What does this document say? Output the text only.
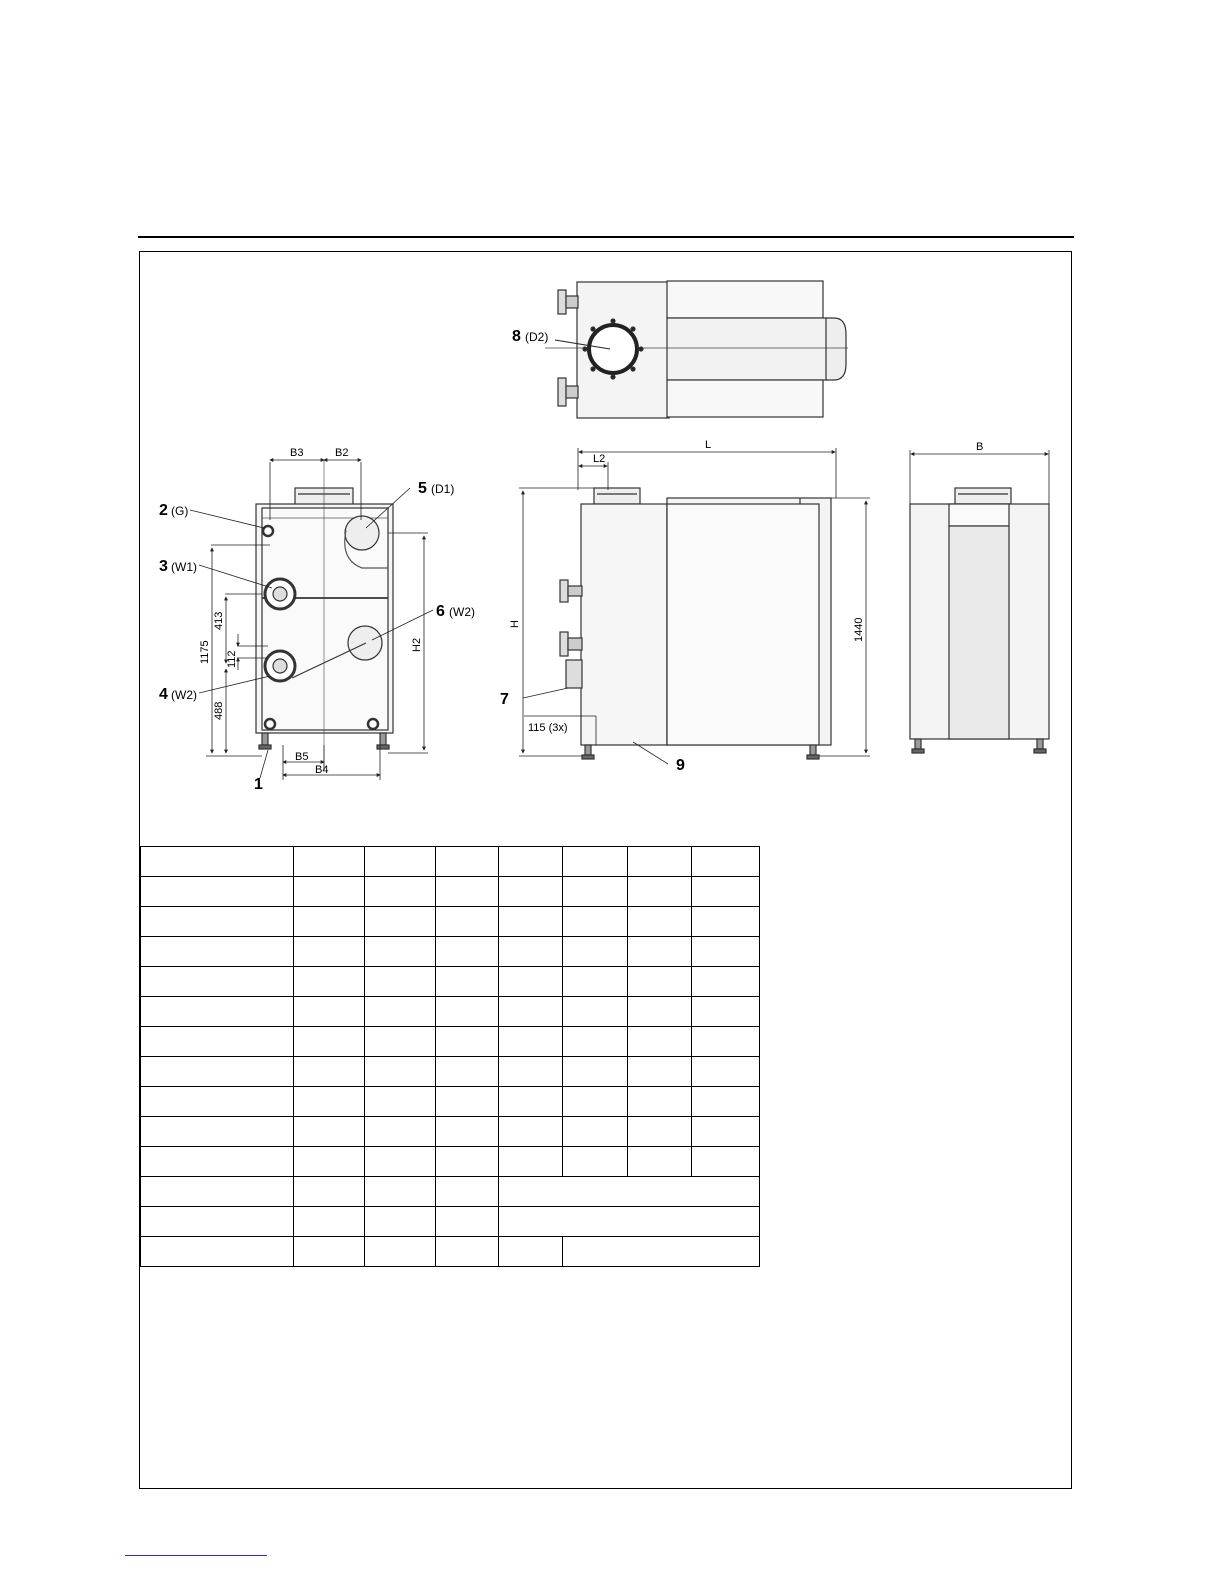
8 (D2)
2 (G)
3 (W1)
4 (W2)
5 (D1)
6 (W2)
1
B3	B2
B5
B4
1175
413
112
488
H2
L
L2
H	1440
115 (3x)
7
9
B
